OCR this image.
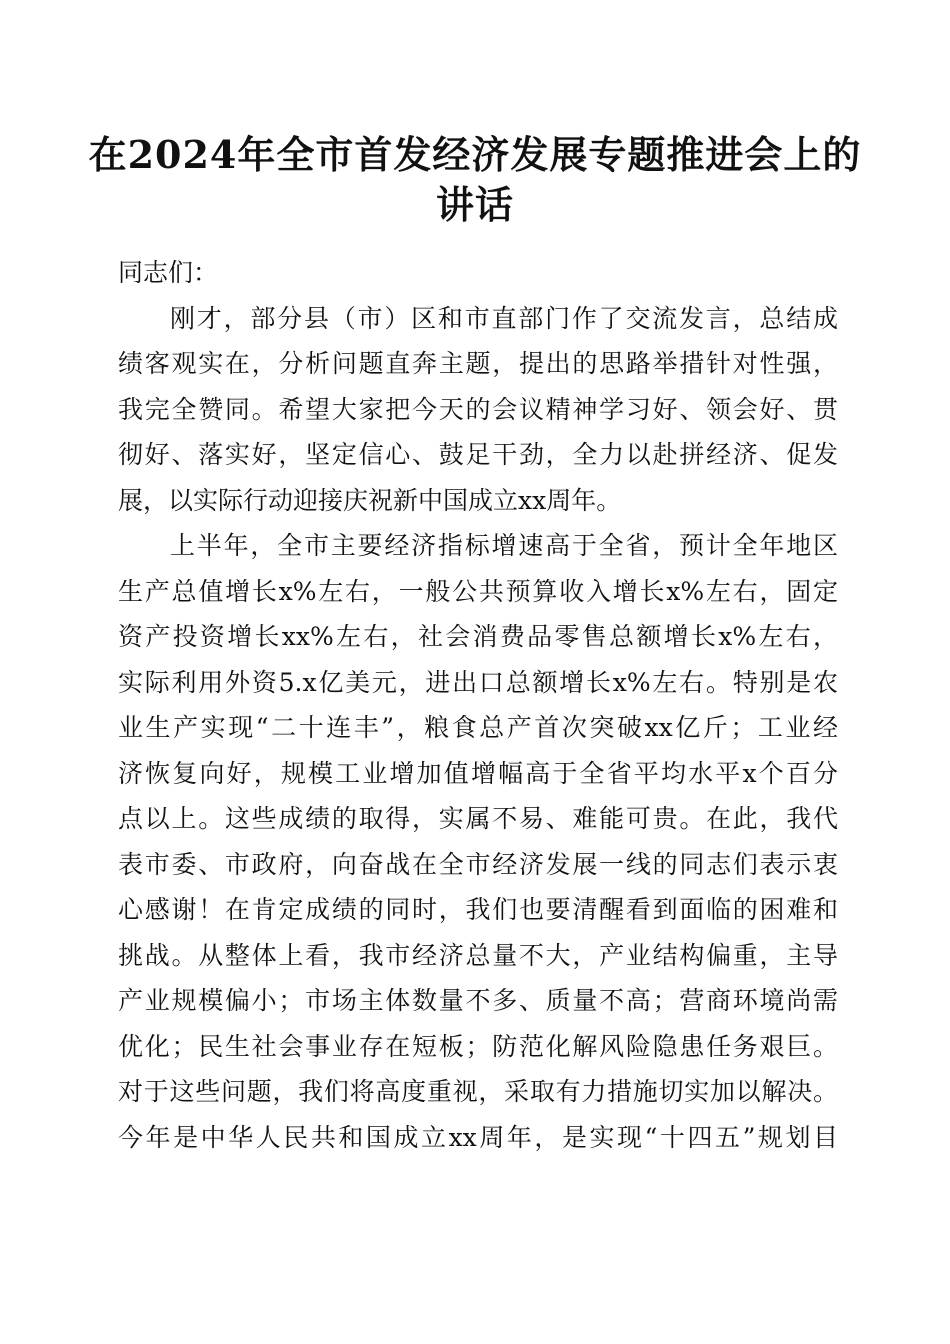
在2024年全市首发经济发展专题推进会上的
讲话
同志们：
刚才，部分县（市）区和市直部门作了交流发言，总结成
绩客观实在，分析问题直奔主题，提出的思路举措针对性强，
我完全赞同。希望大家把今天的会议精神学习好、领会好、贯
彻好、落实好，坚定信心、鼓足干劲，全力以赴拼经济、促发
展，以实际行动迎接庆祝新中国成立xx周年。
上半年，全市主要经济指标增速高于全省，预计全年地区
生产总值增长x%左右，一般公共预算收入增长x%左右，固定
资产投资增长xx%左右，社会消费品零售总额增长x%左右，
实际利用外资5.x亿美元，进出口总额增长x%左右。特别是农
业生产实现“二十连丰”，粮食总产首次突破xx亿斤；工业经
济恢复向好，规模工业增加值增幅高于全省平均水平x个百分
点以上。这些成绩的取得，实属不易、难能可贵。在此，我代
表市委、市政府，向奋战在全市经济发展一线的同志们表示衷
心感谢！在肯定成绩的同时，我们也要清醒看到面临的困难和
挑战。从整体上看，我市经济总量不大，产业结构偏重，主导
产业规模偏小；市场主体数量不多、质量不高；营商环境尚需
优化；民生社会事业存在短板；防范化解风险隐患任务艰巨。
对于这些问题，我们将高度重视，采取有力措施切实加以解决。
今年是中华人民共和国成立xx周年，是实现“十四五”规划目
